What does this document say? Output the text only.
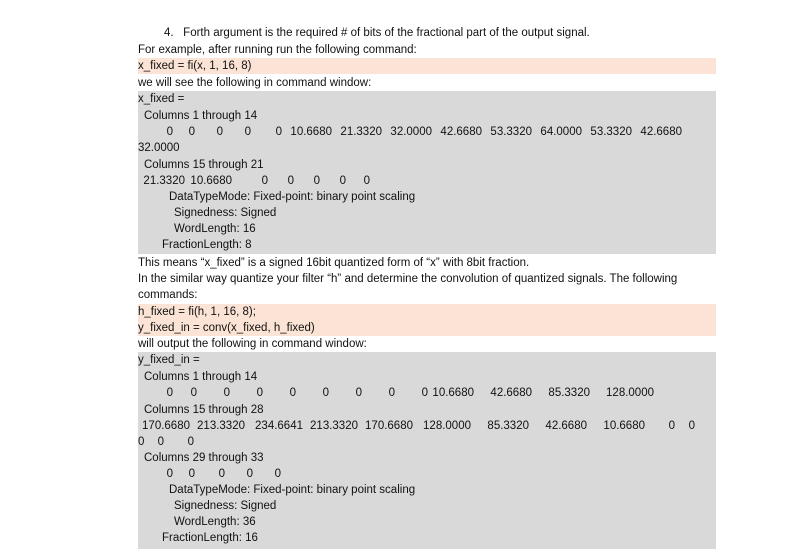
4.   Forth argument is the required # of bits of the fractional part of the output signal.
For example, after running run the following command:
x_fixed = fi(x, 1, 16, 8)
we will see the following in command window:
x_fixed =
Columns 1 through 14
0 0 0 0 0 10.6680 21.3320 32.0000 42.6680 53.3320 64.0000 53.3320 42.6680
32.0000
Columns 15 through 21
21.3320 10.6680	0 0 0 0 0
DataTypeMode: Fixed-point: binary point scaling
Signedness: Signed
WordLength: 16
FractionLength: 8
This means “x_fixed” is a signed 16bit quantized form of “x” with 8bit fraction.
In the similar way quantize your filter “h” and determine the convolution of quantized signals. The following
commands:
h_fixed = fi(h, 1, 16, 8);
y_fixed_in = conv(x_fixed, h_fixed)
will output the following in command window:
y_fixed_in =
Columns 1 through 14
0 0 0 0 0 0 0 0 0 10.6680 42.6680 85.3320 128.0000
Columns 15 through 28
170.6680 213.3320 234.6641 213.3320 170.6680 128.0000 85.3320 42.6680 10.6680 0 0
0 0 0
Columns 29 through 33
0 0 0 0 0
DataTypeMode: Fixed-point: binary point scaling
Signedness: Signed
WordLength: 36
FractionLength: 16
